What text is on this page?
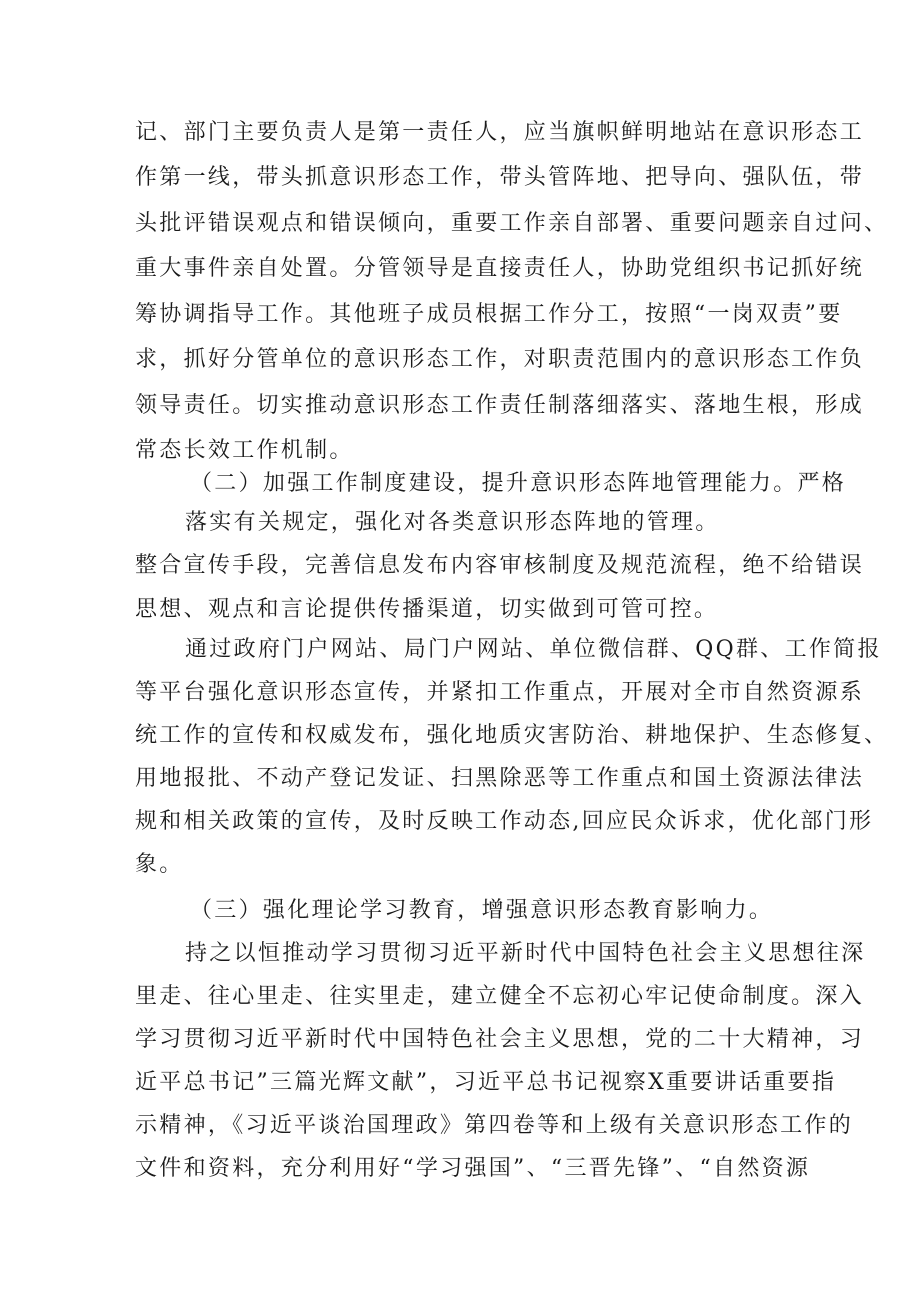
记、部门主要负责人是第一责任人，应当旗帜鲜明地站在意识形态工
作第一线，带头抓意识形态工作，带头管阵地、把导向、强队伍，带
头批评错误观点和错误倾向，重要工作亲自部署、重要问题亲自过问、
重大事件亲自处置。分管领导是直接责任人，协助党组织书记抓好统
筹协调指导工作。其他班子成员根据工作分工，按照“一岗双责”要
求，抓好分管单位的意识形态工作，对职责范围内的意识形态工作负
领导责任。切实推动意识形态工作责任制落细落实、落地生根，形成
常态长效工作机制。
（二）加强工作制度建设，提升意识形态阵地管理能力。严格
落实有关规定，强化对各类意识形态阵地的管理。
整合宣传手段，完善信息发布内容审核制度及规范流程，绝不给错误
思想、观点和言论提供传播渠道，切实做到可管可控。
通过政府门户网站、局门户网站、单位微信群、QQ群、工作简报
等平台强化意识形态宣传，并紧扣工作重点，开展对全市自然资源系
统工作的宣传和权威发布，强化地质灾害防治、耕地保护、生态修复、
用地报批、不动产登记发证、扫黑除恶等工作重点和国土资源法律法
规和相关政策的宣传，及时反映工作动态,回应民众诉求，优化部门形
象。
（三）强化理论学习教育，增强意识形态教育影响力。
持之以恒推动学习贯彻习近平新时代中国特色社会主义思想往深
里走、往心里走、往实里走，建立健全不忘初心牢记使命制度。深入
学习贯彻习近平新时代中国特色社会主义思想，党的二十大精神，习
近平总书记”三篇光辉文献”，习近平总书记视察X重要讲话重要指
示精神，《习近平谈治国理政》第四卷等和上级有关意识形态工作的
文件和资料，充分利用好“学习强国”、“三晋先锋”、“自然资源
